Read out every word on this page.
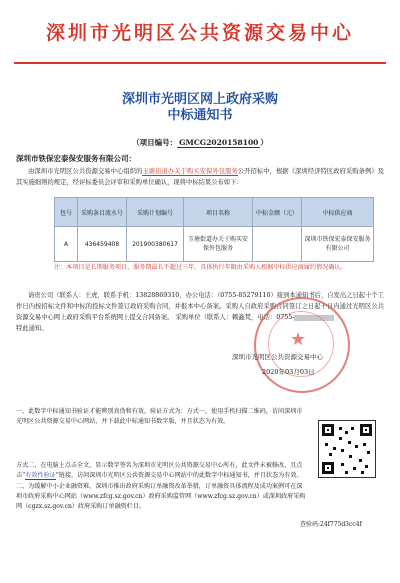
深圳市光明区公共资源交易中心
深圳市光明区网上政府采购
中标通知书
（项目编号： GMCG2020158100 ）
深圳市铁保宏泰保安服务有限公司：
由深圳市光明区公共资源交易中心组织的玉塘街道办关于购买安保外包服务公开招标中，根据《深圳经济特区政府采购条例》及其实施细则的规定，经评标委员会评审和采购单位确认，现将中标结果公布如下：
包号	采购条目流水号	采购计划编号	项目名称	中标金额（元）	中标供应商
A	436459408	201900380617	玉塘街道办关于购买安保外包服务		深圳市铁保宏泰保安服务有限公司
注：本项目是长期服务项目，服务期最长不超过三年，具体执行年限由采购人根据中标供应商履约情况确认。
请贵公司（联系人：王虎，联系手机：13828869310，办公电话：（0755-85279110）接到本通知书后，自发出之日起十个工作日内按招标文件和中标的投标文件签订政府采购合同，并报本中心备案。采购人自政府采购合同签订之日起十日内通过光明区公共资源交易中心网上政府采购平台系统网上提交合同备案。 采购单位（联系人：赖鑫梵，电话：0755-
特此通知。
★
深圳市光明区公共资源交易中心
2020年03月03日
一、此数字中标通知书验证才能辨别真伪和有效，验证方式为：方式一，使用手机扫描二维码，访问深圳市光明区公共资源交易中心网站，并下载此中标通知书数字版，并且状态为有效。
方式二，在电脑上点击全文，显示数字签名为深圳市光明区公共资源交易中心所有，此文件未被修改，且点击“有效性验证”链接，访问深圳市光明区公共资源交易中心网站中的此数字中标通知书，并且状态为有效。
二、为缓解中小企业融资难，深圳市推出政府采购订单融资改革举措，订单融资具体流程及成功案例可在深圳市政府采购中心网站（www.zfcg.sz.gov.cn）政府采购监管网（www.zfcg.sz.gov.cn）或深圳政府采购网（cgzx.sz.gov.cn）政府采购订单融资栏目。
查验码:24f775d3cc4f
